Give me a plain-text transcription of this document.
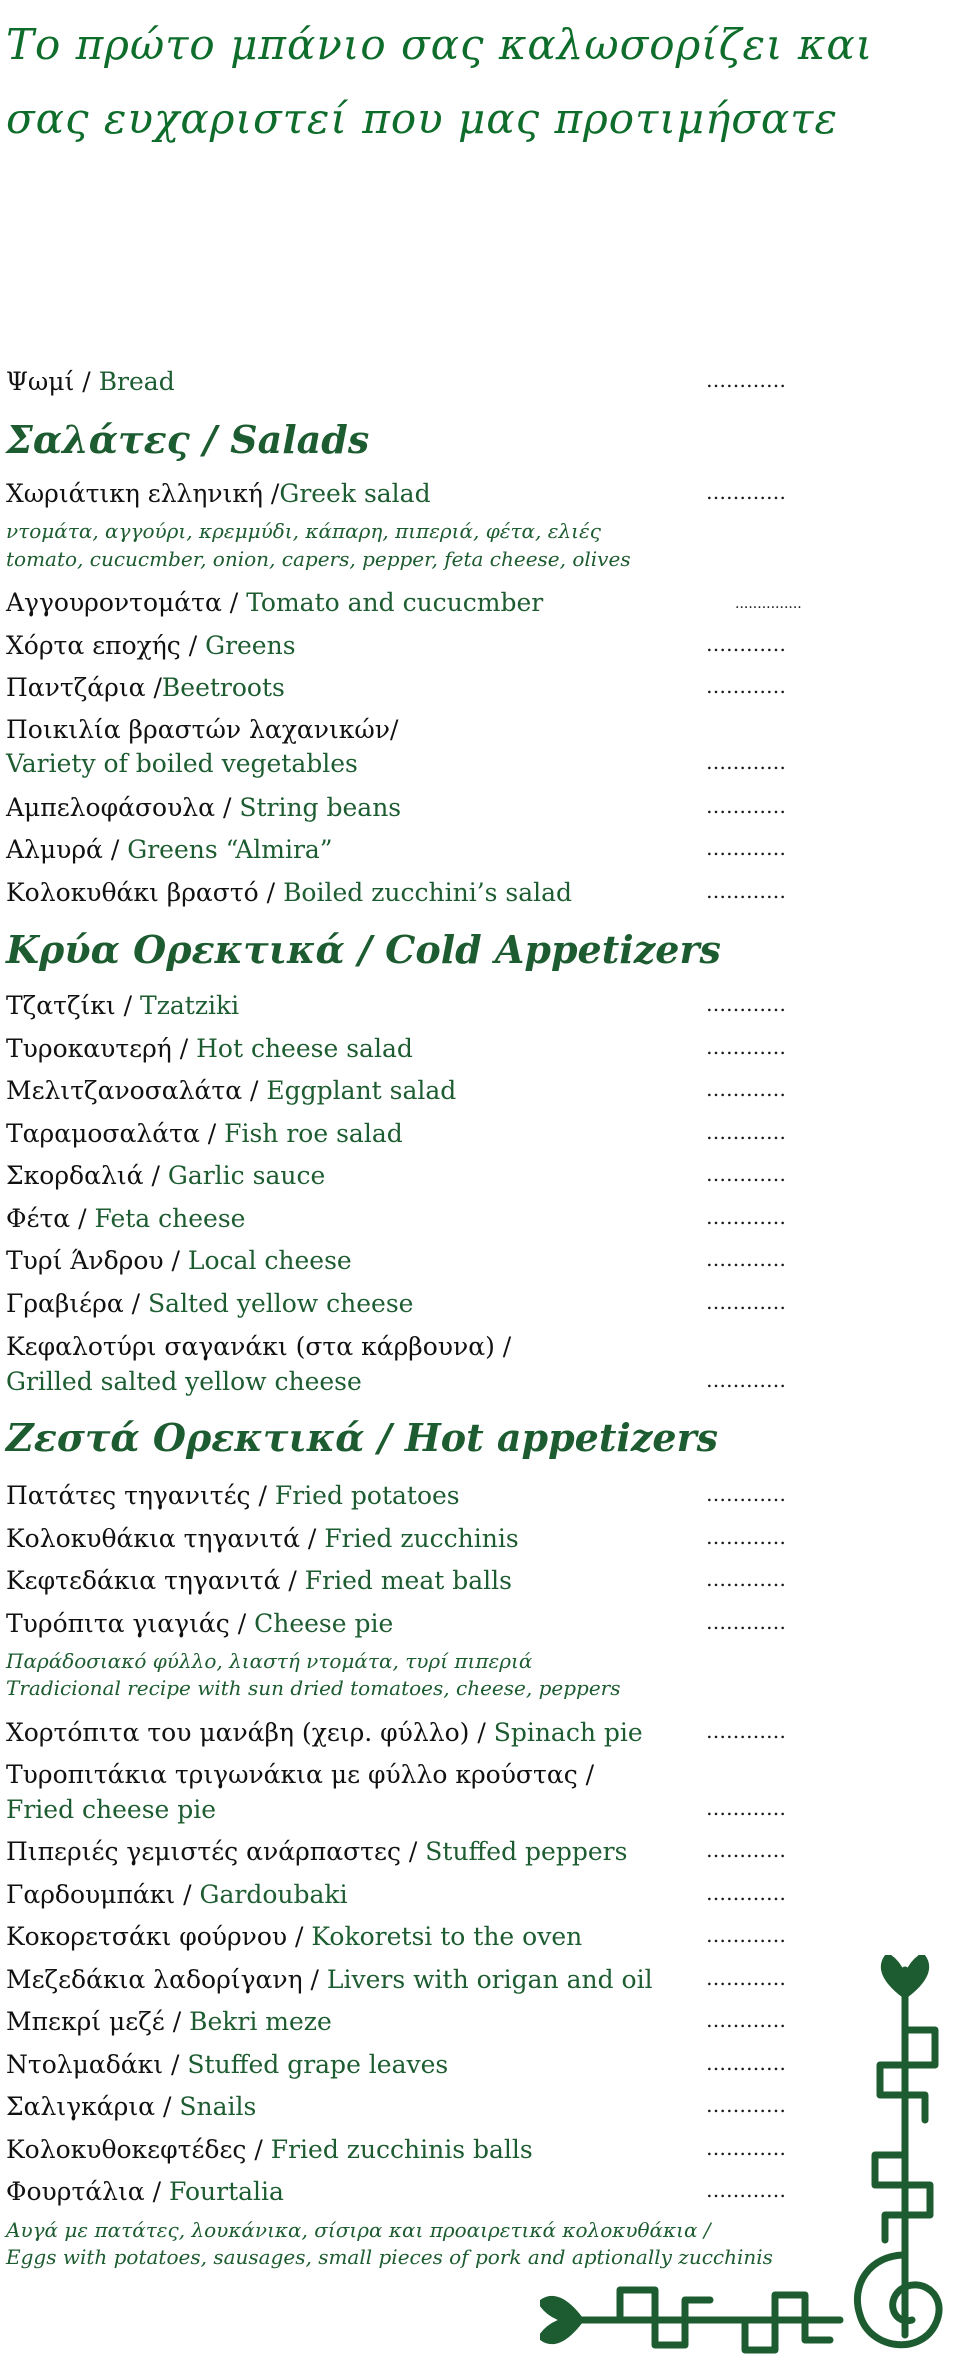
Το πρώτο μπάνιο σας καλωσορίζει και
σας ευχαριστεί που μας προτιμήσατε
Ψωμί / Bread	…………
Σαλάτες / Salads
Χωριάτικη ελληνική /Greek salad	…………
ντομάτα, αγγούρι, κρεμμύδι, κάπαρη, πιπεριά, φέτα, ελιές
tomato, cucucmber, onion, capers, pepper, feta cheese, olives
Αγγουροντομάτα / Tomato and cucucmber	...............
Χόρτα εποχής / Greens	…………
Παντζάρια /Beetroots	…………
Ποικιλία βραστών λαχανικών/
Variety of boiled vegetables	…………
Αμπελοφάσουλα / String beans	…………
Αλμυρά / Greens “Almira”	…………
Κολοκυθάκι βραστό / Boiled zucchini’s salad	…………
Κρύα Ορεκτικά / Cold Appetizers
Τζατζίκι / Tzatziki	…………
Τυροκαυτερή / Hot cheese salad	…………
Μελιτζανοσαλάτα / Eggplant salad	…………
Ταραμοσαλάτα / Fish roe salad	…………
Σκορδαλιά / Garlic sauce	…………
Φέτα / Feta cheese	…………
Τυρί Άνδρου / Local cheese	…………
Γραβιέρα / Salted yellow cheese	…………
Κεφαλοτύρι σαγανάκι (στα κάρβουνα) /
Grilled salted yellow cheese	…………
Ζεστά Ορεκτικά / Hot appetizers
Πατάτες τηγανιτές / Fried potatoes	…………
Κολοκυθάκια τηγανιτά / Fried zucchinis	…………
Κεφτεδάκια τηγανιτά / Fried meat balls	…………
Τυρόπιτα γιαγιάς / Cheese pie	…………
Παράδοσιακό φύλλο, λιαστή ντομάτα, τυρί πιπεριά
Tradicional recipe with sun dried tomatoes, cheese, peppers
Χορτόπιτα του μανάβη (χειρ. φύλλο) / Spinach pie	…………
Τυροπιτάκια τριγωνάκια με φύλλο κρούστας /
Fried cheese pie	…………
Πιπεριές γεμιστές ανάρπαστες / Stuffed peppers	…………
Γαρδουμπάκι / Gardoubaki	…………
Κοκορετσάκι φούρνου / Kokoretsi to the oven	…………
Μεζεδάκια λαδορίγανη / Livers with origan and oil	…………
Μπεκρί μεζέ / Bekri meze	…………
Ντολμαδάκι / Stuffed grape leaves	…………
Σαλιγκάρια / Snails	…………
Κολοκυθοκεφτέδες / Fried zucchinis balls	…………
Φουρτάλια / Fourtalia	…………
Αυγά με πατάτες, λουκάνικα, σίσιρα και προαιρετικά κολοκυθάκια /
Eggs with potatoes, sausages, small pieces of pork and aptionally zucchinis
